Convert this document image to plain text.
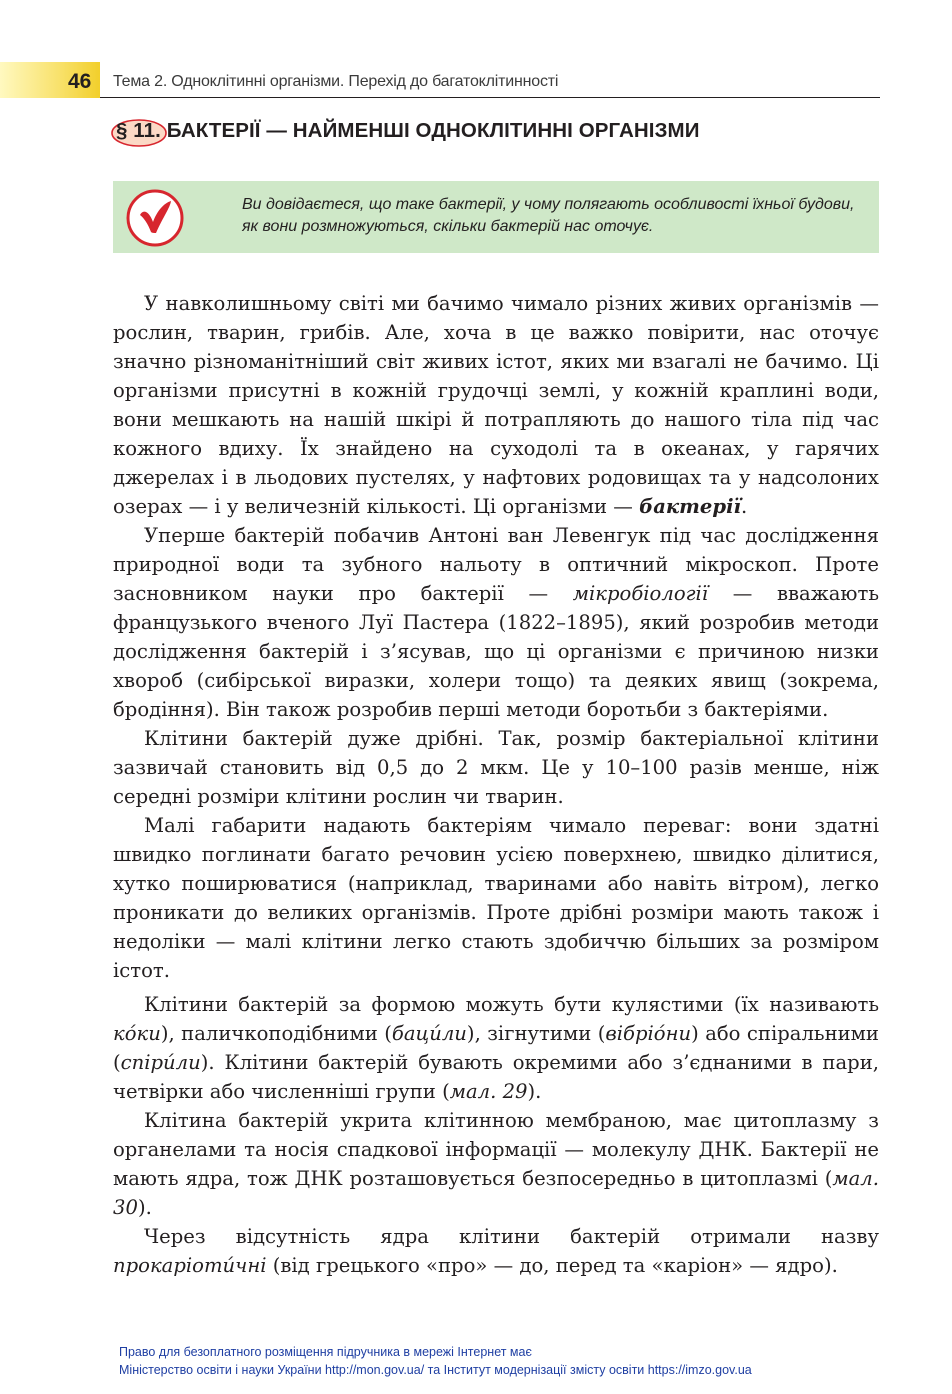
46 Тема 2. Одноклітинні організми. Перехід до багатоклітинності
§ 11. БАКТЕРІЇ — НАЙМЕНШІ ОДНОКЛІТИННІ ОРГАНІЗМИ
Ви довідаєтеся, що таке бактерії, у чому полягають особливості їхньої будови, як вони розмножуються, скільки бактерій нас оточує.

У навколишньому світі ми бачимо чимало різних живих організмів — рослин, тварин, грибів. Але, хоча в це важко повірити, нас оточує значно різноманітніший світ живих істот, яких ми взагалі не бачимо. Ці організми присутні в кожній грудочці землі, у кожній краплині води, вони мешкають на нашій шкірі й потрапляють до нашого тіла під час кожного вдиху. Їх знайдено на суходолі та в океанах, у гарячих джерелах і в льодових пустелях, у нафтових родовищах та у надсолоних озерах — і у величезній кількості. Ці організми — бактерії.

Уперше бактерій побачив Антоні ван Левенгук під час дослідження природної води та зубного нальоту в оптичний мікроскоп. Проте засновником науки про бактерії — мікробіології — вважають французького вченого Луї Пастера (1822–1895), який розробив методи дослідження бактерій і з’ясував, що ці організми є причиною низки хвороб (сибірської виразки, холери тощо) та деяких явищ (зокрема, бродіння). Він також розробив перші методи боротьби з бактеріями.

Клітини бактерій дуже дрібні. Так, розмір бактеріальної клітини зазвичай становить від 0,5 до 2 мкм. Це у 10–100 разів менше, ніж середні розміри клітини рослин чи тварин.

Малі габарити надають бактеріям чимало переваг: вони здатні швидко поглинати багато речовин усією поверхнею, швидко ділитися, хутко поширюватися (наприклад, тваринами або навіть вітром), легко проникати до великих організмів. Проте дрібні розміри мають також і недоліки — малі клітини легко стають здобиччю більших за розміром істот.

Клітини бактерій за формою можуть бути кулястими (їх називають ко́ки), паличкоподібними (баци́ли), зігнутими (вібріо́ни) або спіральними (спіри́ли). Клітини бактерій бувають окремими або з’єднаними в пари, четвірки або численніші групи (мал. 29).

Клітина бактерій укрита клітинною мембраною, має цитоплазму з органелами та носія спадкової інформації — молекулу ДНК. Бактерії не мають ядра, тож ДНК розташовується безпосередньо в цитоплазмі (мал. 30).

Через відсутність ядра клітини бактерій отримали назву прокаріоти́чні (від грецького «про» — до, перед та «каріон» — ядро).

Право для безоплатного розміщення підручника в мережі Інтернет має
Міністерство освіти і науки України http://mon.gov.ua/ та Інститут модернізації змісту освіти https://imzo.gov.ua
